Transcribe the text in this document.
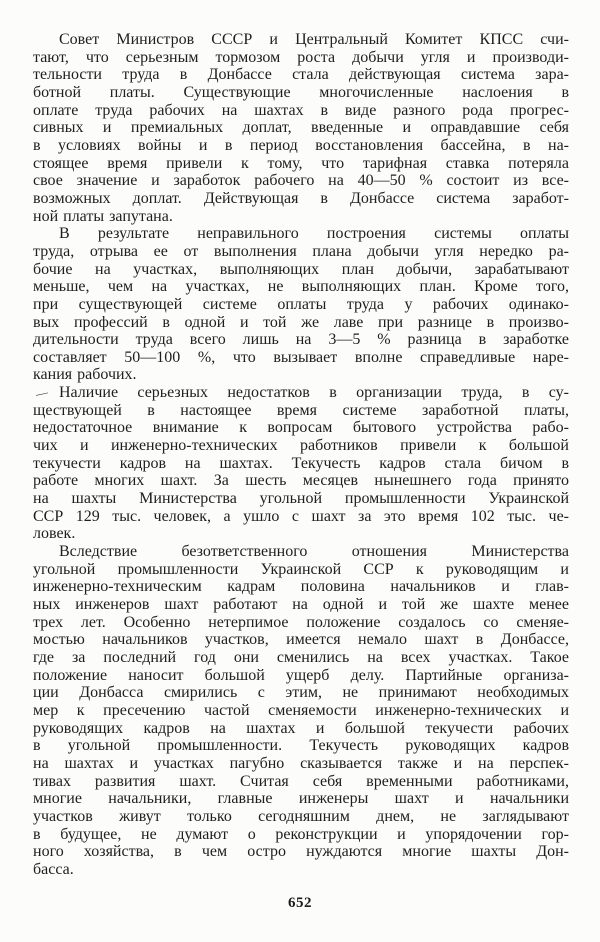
Совет Министров СССР и Центральный Комитет КПСС счи-
тают, что серьезным тормозом роста добычи угля и производи-
тельности труда в Донбассе стала действующая система зара-
ботной платы. Существующие многочисленные наслоения в
оплате труда рабочих на шахтах в виде разного рода прогрес-
сивных и премиальных доплат, введенные и оправдавшие себя
в условиях войны и в период восстановления бассейна, в на-
стоящее время привели к тому, что тарифная ставка потеряла
свое значение и заработок рабочего на 40—50 % состоит из все-
возможных доплат. Действующая в Донбассе система заработ-
ной платы запутана.
В результате неправильного построения системы оплаты
труда, отрыва ее от выполнения плана добычи угля нередко ра-
бочие на участках, выполняющих план добычи, зарабатывают
меньше, чем на участках, не выполняющих план. Кроме того,
при существующей системе оплаты труда у рабочих одинако-
вых профессий в одной и той же лаве при разнице в произво-
дительности труда всего лишь на 3—5 % разница в заработке
составляет 50—100 %, что вызывает вполне справедливые наре-
кания рабочих.
— Наличие серьезных недостатков в организации труда, в су-
ществующей в настоящее время системе заработной платы,
недостаточное внимание к вопросам бытового устройства рабо-
чих и инженерно-технических работников привели к большой
текучести кадров на шахтах. Текучесть кадров стала бичом в
работе многих шахт. За шесть месяцев нынешнего года принято
на шахты Министерства угольной промышленности Украинской
ССР 129 тыс. человек, а ушло с шахт за это время 102 тыс. че-
ловек.
Вследствие безответственного отношения Министерства
угольной промышленности Украинской ССР к руководящим и
инженерно-техническим кадрам половина начальников и глав-
ных инженеров шахт работают на одной и той же шахте менее
трех лет. Особенно нетерпимое положение создалось со сменяе-
мостью начальников участков, имеется немало шахт в Донбассе,
где за последний год они сменились на всех участках. Такое
положение наносит большой ущерб делу. Партийные организа-
ции Донбасса смирились с этим, не принимают необходимых
мер к пресечению частой сменяемости инженерно-технических и
руководящих кадров на шахтах и большой текучести рабочих
в угольной промышленности. Текучесть руководящих кадров
на шахтах и участках пагубно сказывается также и на перспек-
тивах развития шахт. Считая себя временными работниками,
многие начальники, главные инженеры шахт и начальники
участков живут только сегодняшним днем, не заглядывают
в будущее, не думают о реконструкции и упорядочении гор-
ного хозяйства, в чем остро нуждаются многие шахты Дон-
басса.
652
